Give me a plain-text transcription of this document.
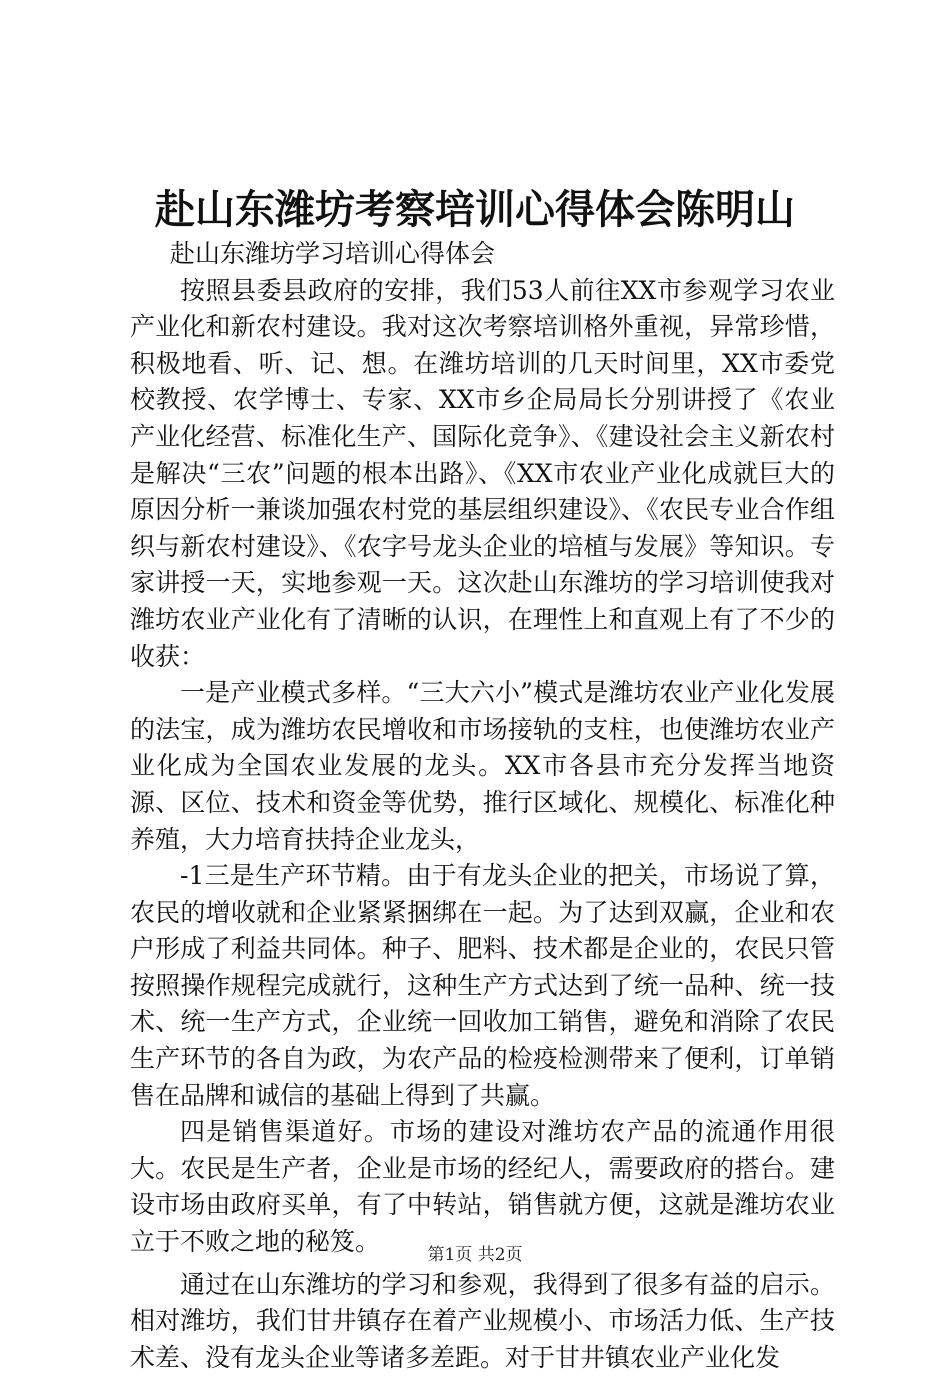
赴山东潍坊考察培训心得体会陈明山

赴山东潍坊学习培训心得体会

按照县委县政府的安排，我们53人前往XX市参观学习农业产业化和新农村建设。我对这次考察培训格外重视，异常珍惜，积极地看、听、记、想。在潍坊培训的几天时间里，XX市委党校教授、农学博士、专家、XX市乡企局局长分别讲授了《农业产业化经营、标准化生产、国际化竞争》、《建设社会主义新农村是解决“三农”问题的根本出路》、《XX市农业产业化成就巨大的原因分析一兼谈加强农村党的基层组织建设》、《农民专业合作组织与新农村建设》、《农字号龙头企业的培植与发展》等知识。专家讲授一天，实地参观一天。这次赴山东潍坊的学习培训使我对潍坊农业产业化有了清晰的认识，在理性上和直观上有了不少的收获：

一是产业模式多样。“三大六小”模式是潍坊农业产业化发展的法宝，成为潍坊农民增收和市场接轨的支柱，也使潍坊农业产业化成为全国农业发展的龙头。XX市各县市充分发挥当地资源、区位、技术和资金等优势，推行区域化、规模化、标准化种养殖，大力培育扶持企业龙头，

-1三是生产环节精。由于有龙头企业的把关，市场说了算，农民的增收就和企业紧紧捆绑在一起。为了达到双赢，企业和农户形成了利益共同体。种子、肥料、技术都是企业的，农民只管按照操作规程完成就行，这种生产方式达到了统一品种、统一技术、统一生产方式，企业统一回收加工销售，避免和消除了农民生产环节的各自为政，为农产品的检疫检测带来了便利，订单销售在品牌和诚信的基础上得到了共赢。

四是销售渠道好。市场的建设对潍坊农产品的流通作用很大。农民是生产者，企业是市场的经纪人，需要政府的搭台。建设市场由政府买单，有了中转站，销售就方便，这就是潍坊农业立于不败之地的秘笈。

通过在山东潍坊的学习和参观，我得到了很多有益的启示。相对潍坊，我们甘井镇存在着产业规模小、市场活力低、生产技术差、没有龙头企业等诸多差距。对于甘井镇农业产业化发

第1页 共2页
